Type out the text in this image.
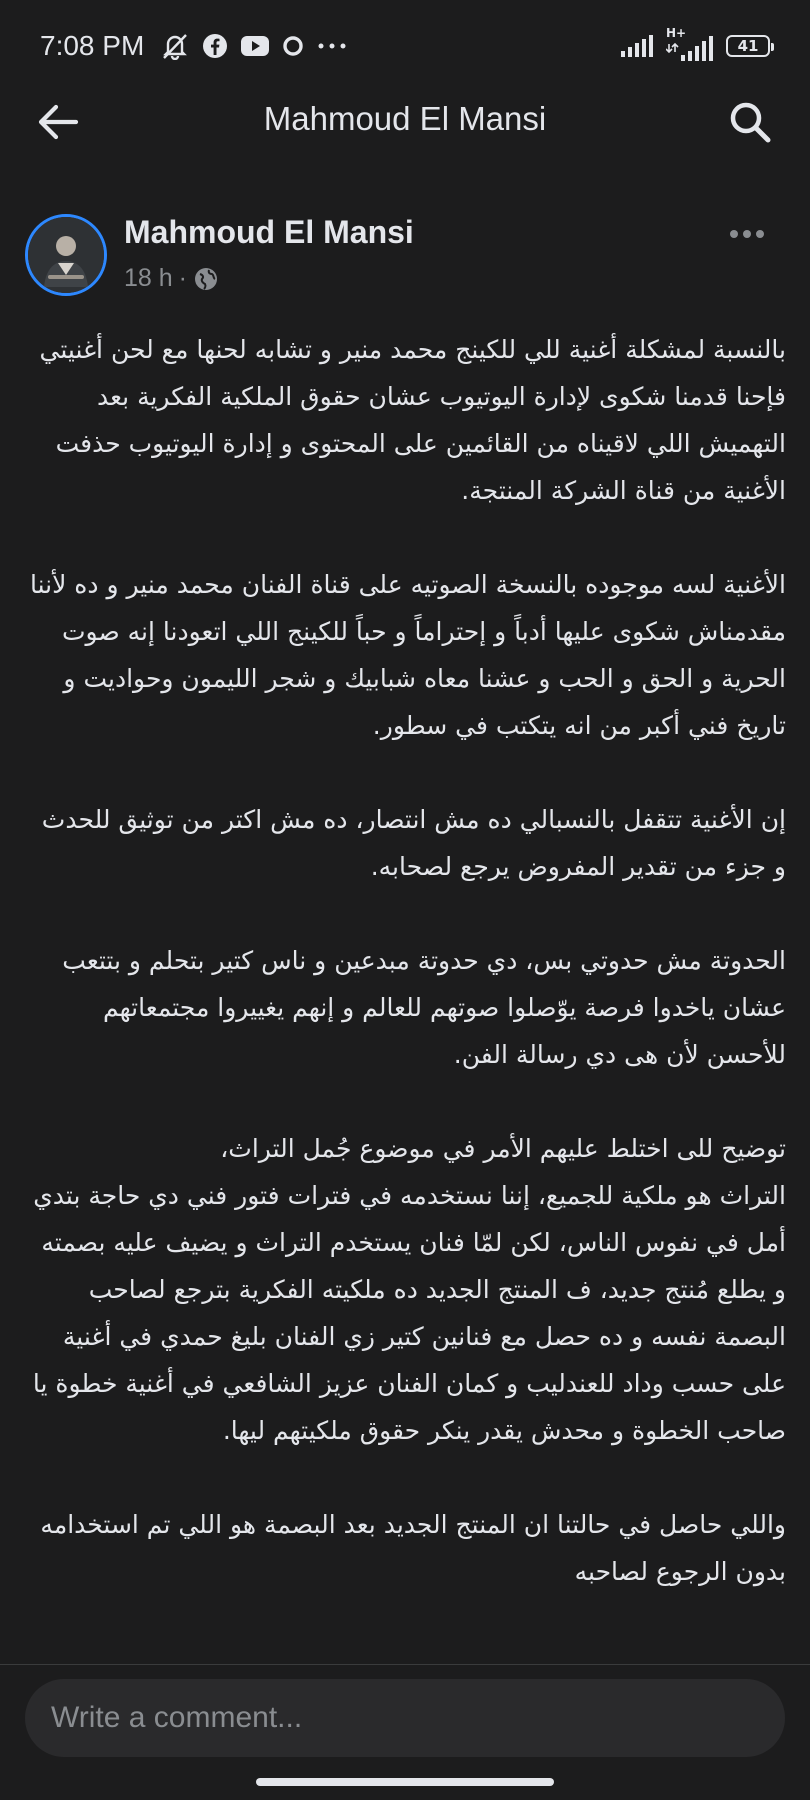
7:08 PM	H+
41
Mahmoud El Mansi
Mahmoud El Mansi
18 h ·

بالنسبة لمشكلة أغنية للي للكينج محمد منير و تشابه لحنها مع لحن أغنيتي فإحنا قدمنا شكوى لإدارة اليوتيوب عشان حقوق الملكية الفكرية بعد التهميش اللي لاقيناه من القائمين على المحتوى و إدارة اليوتيوب حذفت الأغنية من قناة الشركة المنتجة.

الأغنية لسه موجوده بالنسخة الصوتيه على قناة الفنان محمد منير و ده لأننا مقدمناش شكوى عليها أدباً و إحتراماً و حباً للكينج اللي اتعودنا إنه صوت الحرية و الحق و الحب و عشنا معاه شبابيك و شجر الليمون وحواديت و تاريخ فني أكبر من انه يتكتب في سطور.

إن الأغنية تتقفل بالنسبالي ده مش انتصار، ده مش اكتر من توثيق للحدث و جزء من تقدير المفروض يرجع لصحابه.

الحدوتة مش حدوتي بس، دي حدوتة مبدعين و ناس كتير بتحلم و بتتعب عشان ياخدوا فرصة يوّصلوا صوتهم للعالم و إنهم يغييروا مجتمعاتهم للأحسن لأن هى دي رسالة الفن.

توضيح للى اختلط عليهم الأمر في موضوع جُمل التراث،
التراث هو ملكية للجميع، إننا نستخدمه في فترات فتور فني دي حاجة بتدي أمل في نفوس الناس، لكن لمّا فنان يستخدم التراث و يضيف عليه بصمته و يطلع مُنتج جديد، ف المنتج الجديد ده ملكيته الفكرية بترجع لصاحب البصمة نفسه و ده حصل مع فنانين كتير زي الفنان بليغ حمدي في أغنية على حسب وداد للعندليب و كمان الفنان عزيز الشافعي في أغنية خطوة يا صاحب الخطوة و محدش يقدر ينكر حقوق ملكيتهم ليها.

واللي حاصل في حالتنا ان المنتج الجديد بعد البصمة هو اللي تم استخدامه بدون الرجوع لصاحبه

Write a comment...
